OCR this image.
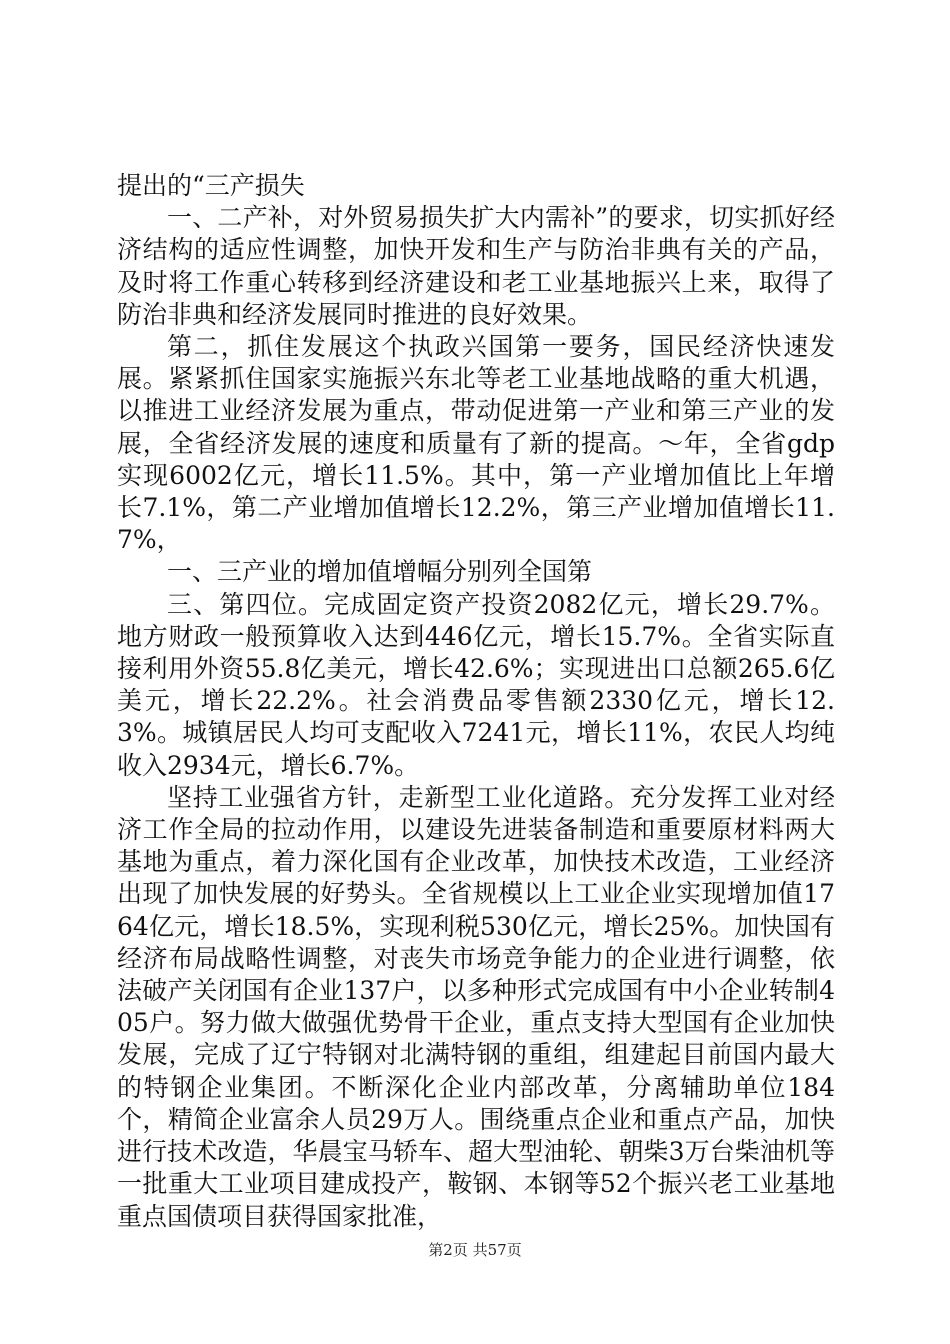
提出的“三产损失

一、二产补，对外贸易损失扩大内需补”的要求，切实抓好经济结构的适应性调整，加快开发和生产与防治非典有关的产品，及时将工作重心转移到经济建设和老工业基地振兴上来，取得了防治非典和经济发展同时推进的良好效果。

第二，抓住发展这个执政兴国第一要务，国民经济快速发展。紧紧抓住国家实施振兴东北等老工业基地战略的重大机遇，以推进工业经济发展为重点，带动促进第一产业和第三产业的发展，全省经济发展的速度和质量有了新的提高。～年，全省gdp实现6002亿元，增长11.5%。其中，第一产业增加值比上年增长7.1%，第二产业增加值增长12.2%，第三产业增加值增长11.7%，

一、三产业的增加值增幅分别列全国第

三、第四位。完成固定资产投资2082亿元，增长29.7%。地方财政一般预算收入达到446亿元，增长15.7%。全省实际直接利用外资55.8亿美元，增长42.6%；实现进出口总额265.6亿美元，增长22.2%。社会消费品零售额2330亿元，增长12.3%。城镇居民人均可支配收入7241元，增长11%，农民人均纯收入2934元，增长6.7%。

坚持工业强省方针，走新型工业化道路。充分发挥工业对经济工作全局的拉动作用，以建设先进装备制造和重要原材料两大基地为重点，着力深化国有企业改革，加快技术改造，工业经济出现了加快发展的好势头。全省规模以上工业企业实现增加值1764亿元，增长18.5%，实现利税530亿元，增长25%。加快国有经济布局战略性调整，对丧失市场竞争能力的企业进行调整，依法破产关闭国有企业137户，以多种形式完成国有中小企业转制405户。努力做大做强优势骨干企业，重点支持大型国有企业加快发展，完成了辽宁特钢对北满特钢的重组，组建起目前国内最大的特钢企业集团。不断深化企业内部改革，分离辅助单位184个，精简企业富余人员29万人。围绕重点企业和重点产品，加快进行技术改造，华晨宝马轿车、超大型油轮、朝柴3万台柴油机等一批重大工业项目建成投产，鞍钢、本钢等52个振兴老工业基地重点国债项目获得国家批准，

第2页 共57页
